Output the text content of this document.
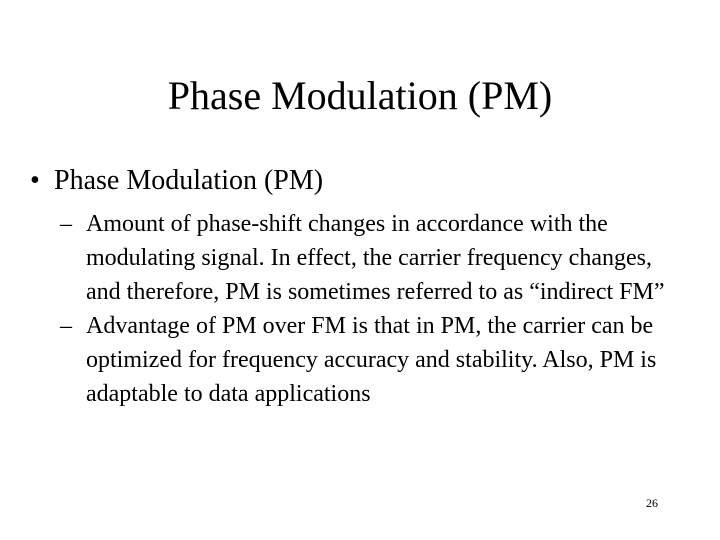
Phase Modulation (PM)
• Phase Modulation (PM)
– Amount of phase-shift changes in accordance with the modulating signal. In effect, the carrier frequency changes, and therefore, PM is sometimes referred to as “indirect FM”
– Advantage of PM over FM is that in PM, the carrier can be optimized for frequency accuracy and stability. Also, PM is adaptable to data applications
26
